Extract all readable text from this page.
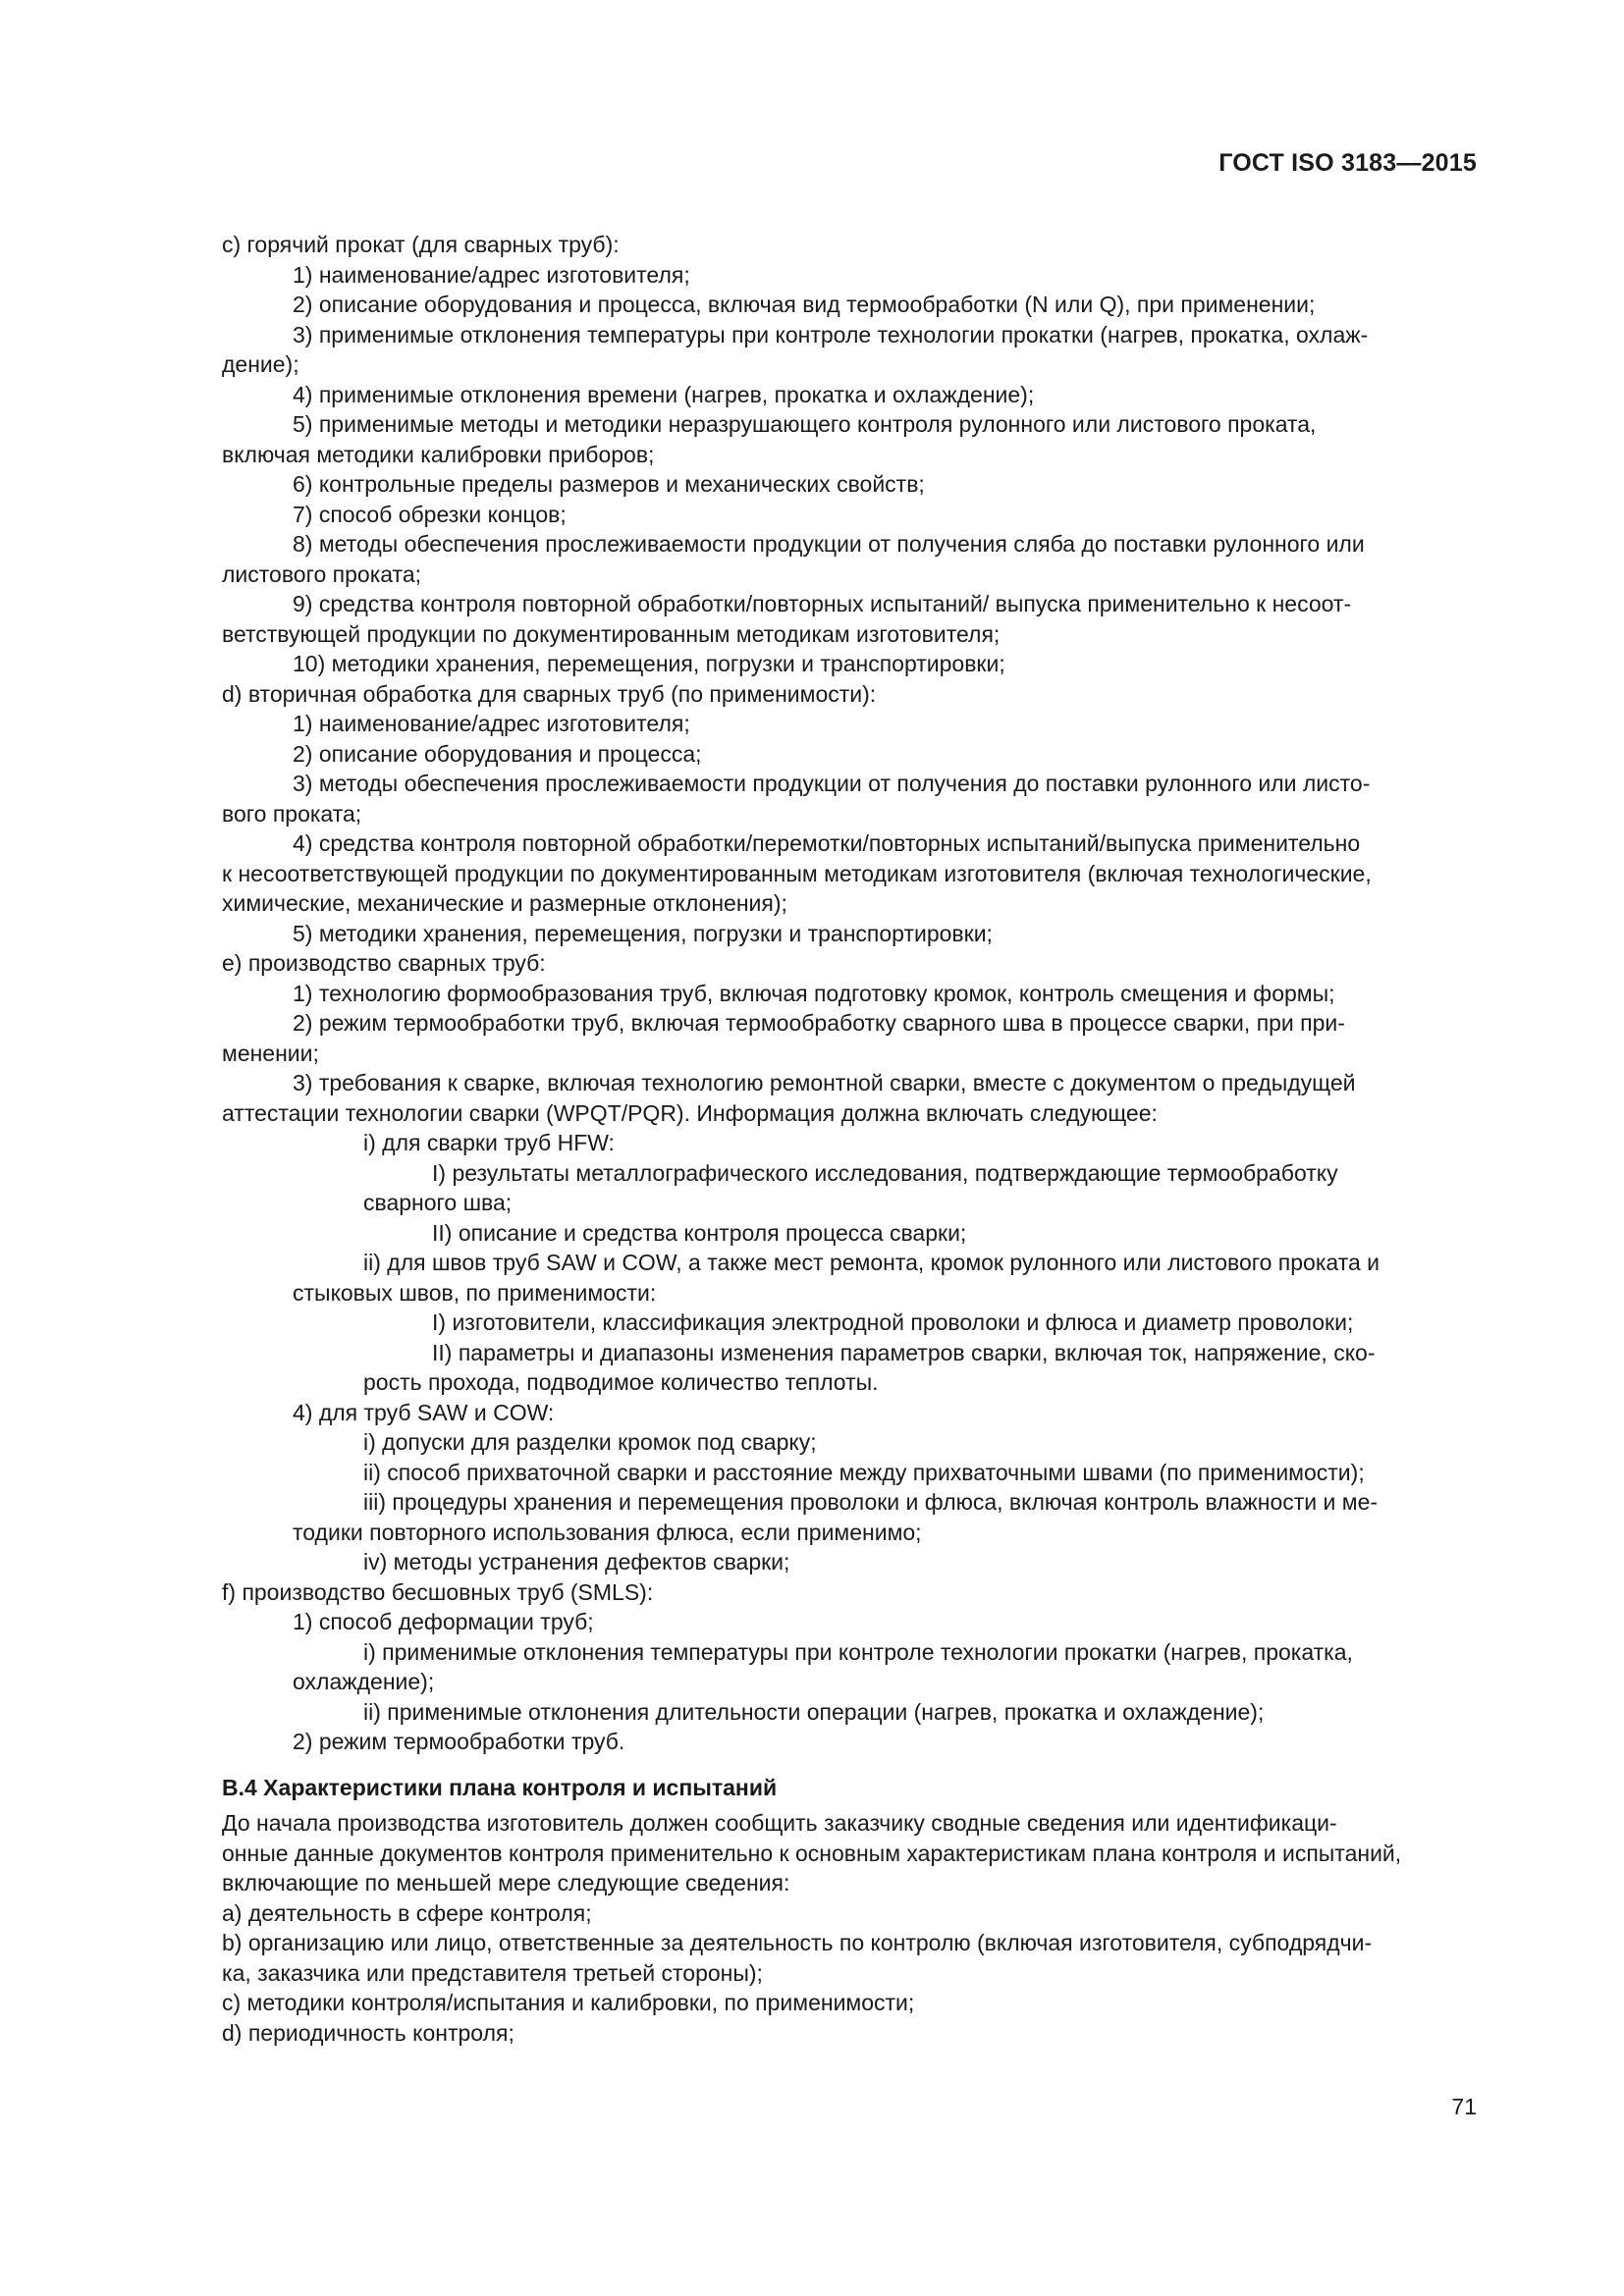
ГОСТ ISO 3183—2015
c) горячий прокат (для сварных труб):
1) наименование/адрес изготовителя;
2) описание оборудования и процесса, включая вид термообработки (N или Q), при применении;
3) применимые отклонения температуры при контроле технологии прокатки (нагрев, прокатка, охлаж-
дение);
4) применимые отклонения времени (нагрев, прокатка и охлаждение);
5) применимые методы и методики неразрушающего контроля рулонного или листового проката,
включая методики калибровки приборов;
6) контрольные пределы размеров и механических свойств;
7) способ обрезки концов;
8) методы обеспечения прослеживаемости продукции от получения сляба до поставки рулонного или
листового проката;
9) средства контроля повторной обработки/повторных испытаний/ выпуска применительно к несоот-
ветствующей продукции по документированным методикам изготовителя;
10) методики хранения, перемещения, погрузки и транспортировки;
d) вторичная обработка для сварных труб (по применимости):
1) наименование/адрес изготовителя;
2) описание оборудования и процесса;
3) методы обеспечения прослеживаемости продукции от получения до поставки рулонного или листо-
вого проката;
4) средства контроля повторной обработки/перемотки/повторных испытаний/выпуска применительно
к несоответствующей продукции по документированным методикам изготовителя (включая технологические,
химические, механические и размерные отклонения);
5) методики хранения, перемещения, погрузки и транспортировки;
e) производство сварных труб:
1) технологию формообразования труб, включая подготовку кромок, контроль смещения и формы;
2) режим термообработки труб, включая термообработку сварного шва в процессе сварки, при при-
менении;
3) требования к сварке, включая технологию ремонтной сварки, вместе с документом о предыдущей
аттестации технологии сварки (WPQT/PQR). Информация должна включать следующее:
i) для сварки труб HFW:
I) результаты металлографического исследования, подтверждающие термообработку
сварного шва;
II) описание и средства контроля процесса сварки;
ii) для швов труб SAW и COW, а также мест ремонта, кромок рулонного или листового проката и
стыковых швов, по применимости:
I) изготовители, классификация электродной проволоки и флюса и диаметр проволоки;
II) параметры и диапазоны изменения параметров сварки, включая ток, напряжение, ско-
рость прохода, подводимое количество теплоты.
4) для труб SAW и COW:
i) допуски для разделки кромок под сварку;
ii) способ прихваточной сварки и расстояние между прихваточными швами (по применимости);
iii) процедуры хранения и перемещения проволоки и флюса, включая контроль влажности и ме-
тодики повторного использования флюса, если применимо;
iv) методы устранения дефектов сварки;
f) производство бесшовных труб (SMLS):
1) способ деформации труб;
i) применимые отклонения температуры при контроле технологии прокатки (нагрев, прокатка,
охлаждение);
ii) применимые отклонения длительности операции (нагрев, прокатка и охлаждение);
2) режим термообработки труб.
B.4 Характеристики плана контроля и испытаний
До начала производства изготовитель должен сообщить заказчику сводные сведения или идентификаци-
онные данные документов контроля применительно к основным характеристикам плана контроля и испытаний,
включающие по меньшей мере следующие сведения:
a) деятельность в сфере контроля;
b) организацию или лицо, ответственные за деятельность по контролю (включая изготовителя, субподрядчи-
ка, заказчика или представителя третьей стороны);
c) методики контроля/испытания и калибровки, по применимости;
d) периодичность контроля;
71
